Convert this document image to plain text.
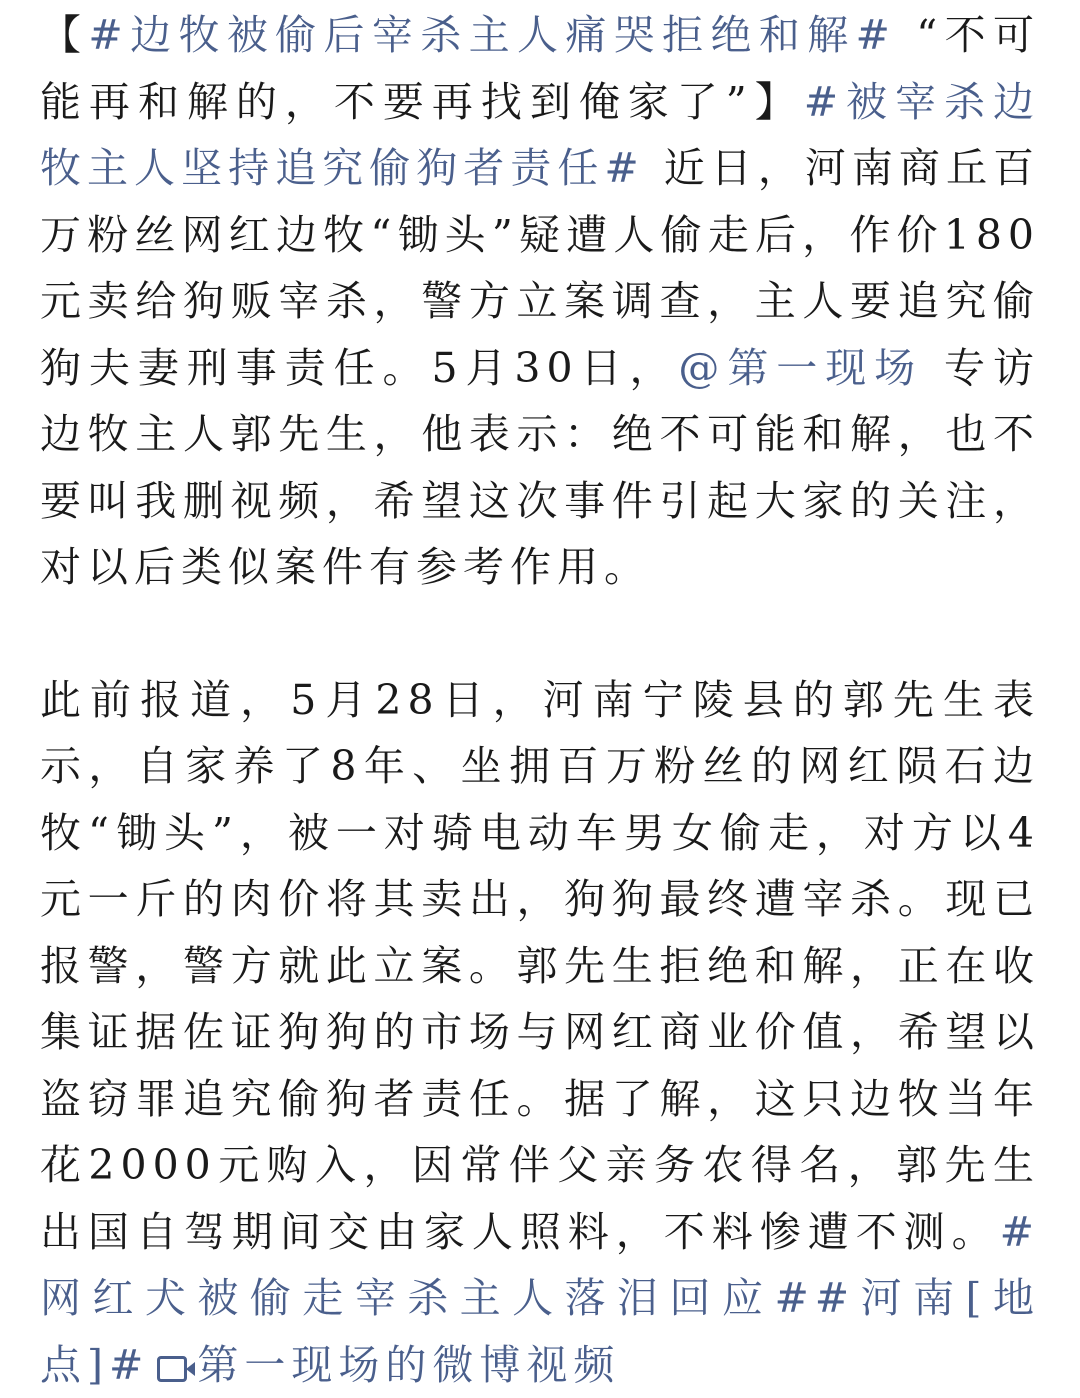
【#边牧被偷后宰杀主人痛哭拒绝和解# “不可能再和解的，不要再找到俺家了”】#被宰杀边牧主人坚持追究偷狗者责任# 近日，河南商丘百万粉丝网红边牧“锄头”疑遭人偷走后，作价180元卖给狗贩宰杀，警方立案调查，主人要追究偷狗夫妻刑事责任。5月30日，@第一现场 专访边牧主人郭先生，他表示：绝不可能和解，也不要叫我删视频，希望这次事件引起大家的关注，对以后类似案件有参考作用。

此前报道，5月28日，河南宁陵县的郭先生表示，自家养了8年、坐拥百万粉丝的网红陨石边牧“锄头”，被一对骑电动车男女偷走，对方以4元一斤的肉价将其卖出，狗狗最终遭宰杀。现已报警，警方就此立案。郭先生拒绝和解，正在收集证据佐证狗狗的市场与网红商业价值，希望以盗窃罪追究偷狗者责任。据了解，这只边牧当年花2000元购入，因常伴父亲务农得名，郭先生出国自驾期间交由家人照料，不料惨遭不测。#网红犬被偷走宰杀主人落泪回应##河南[地点]# 第一现场的微博视频
